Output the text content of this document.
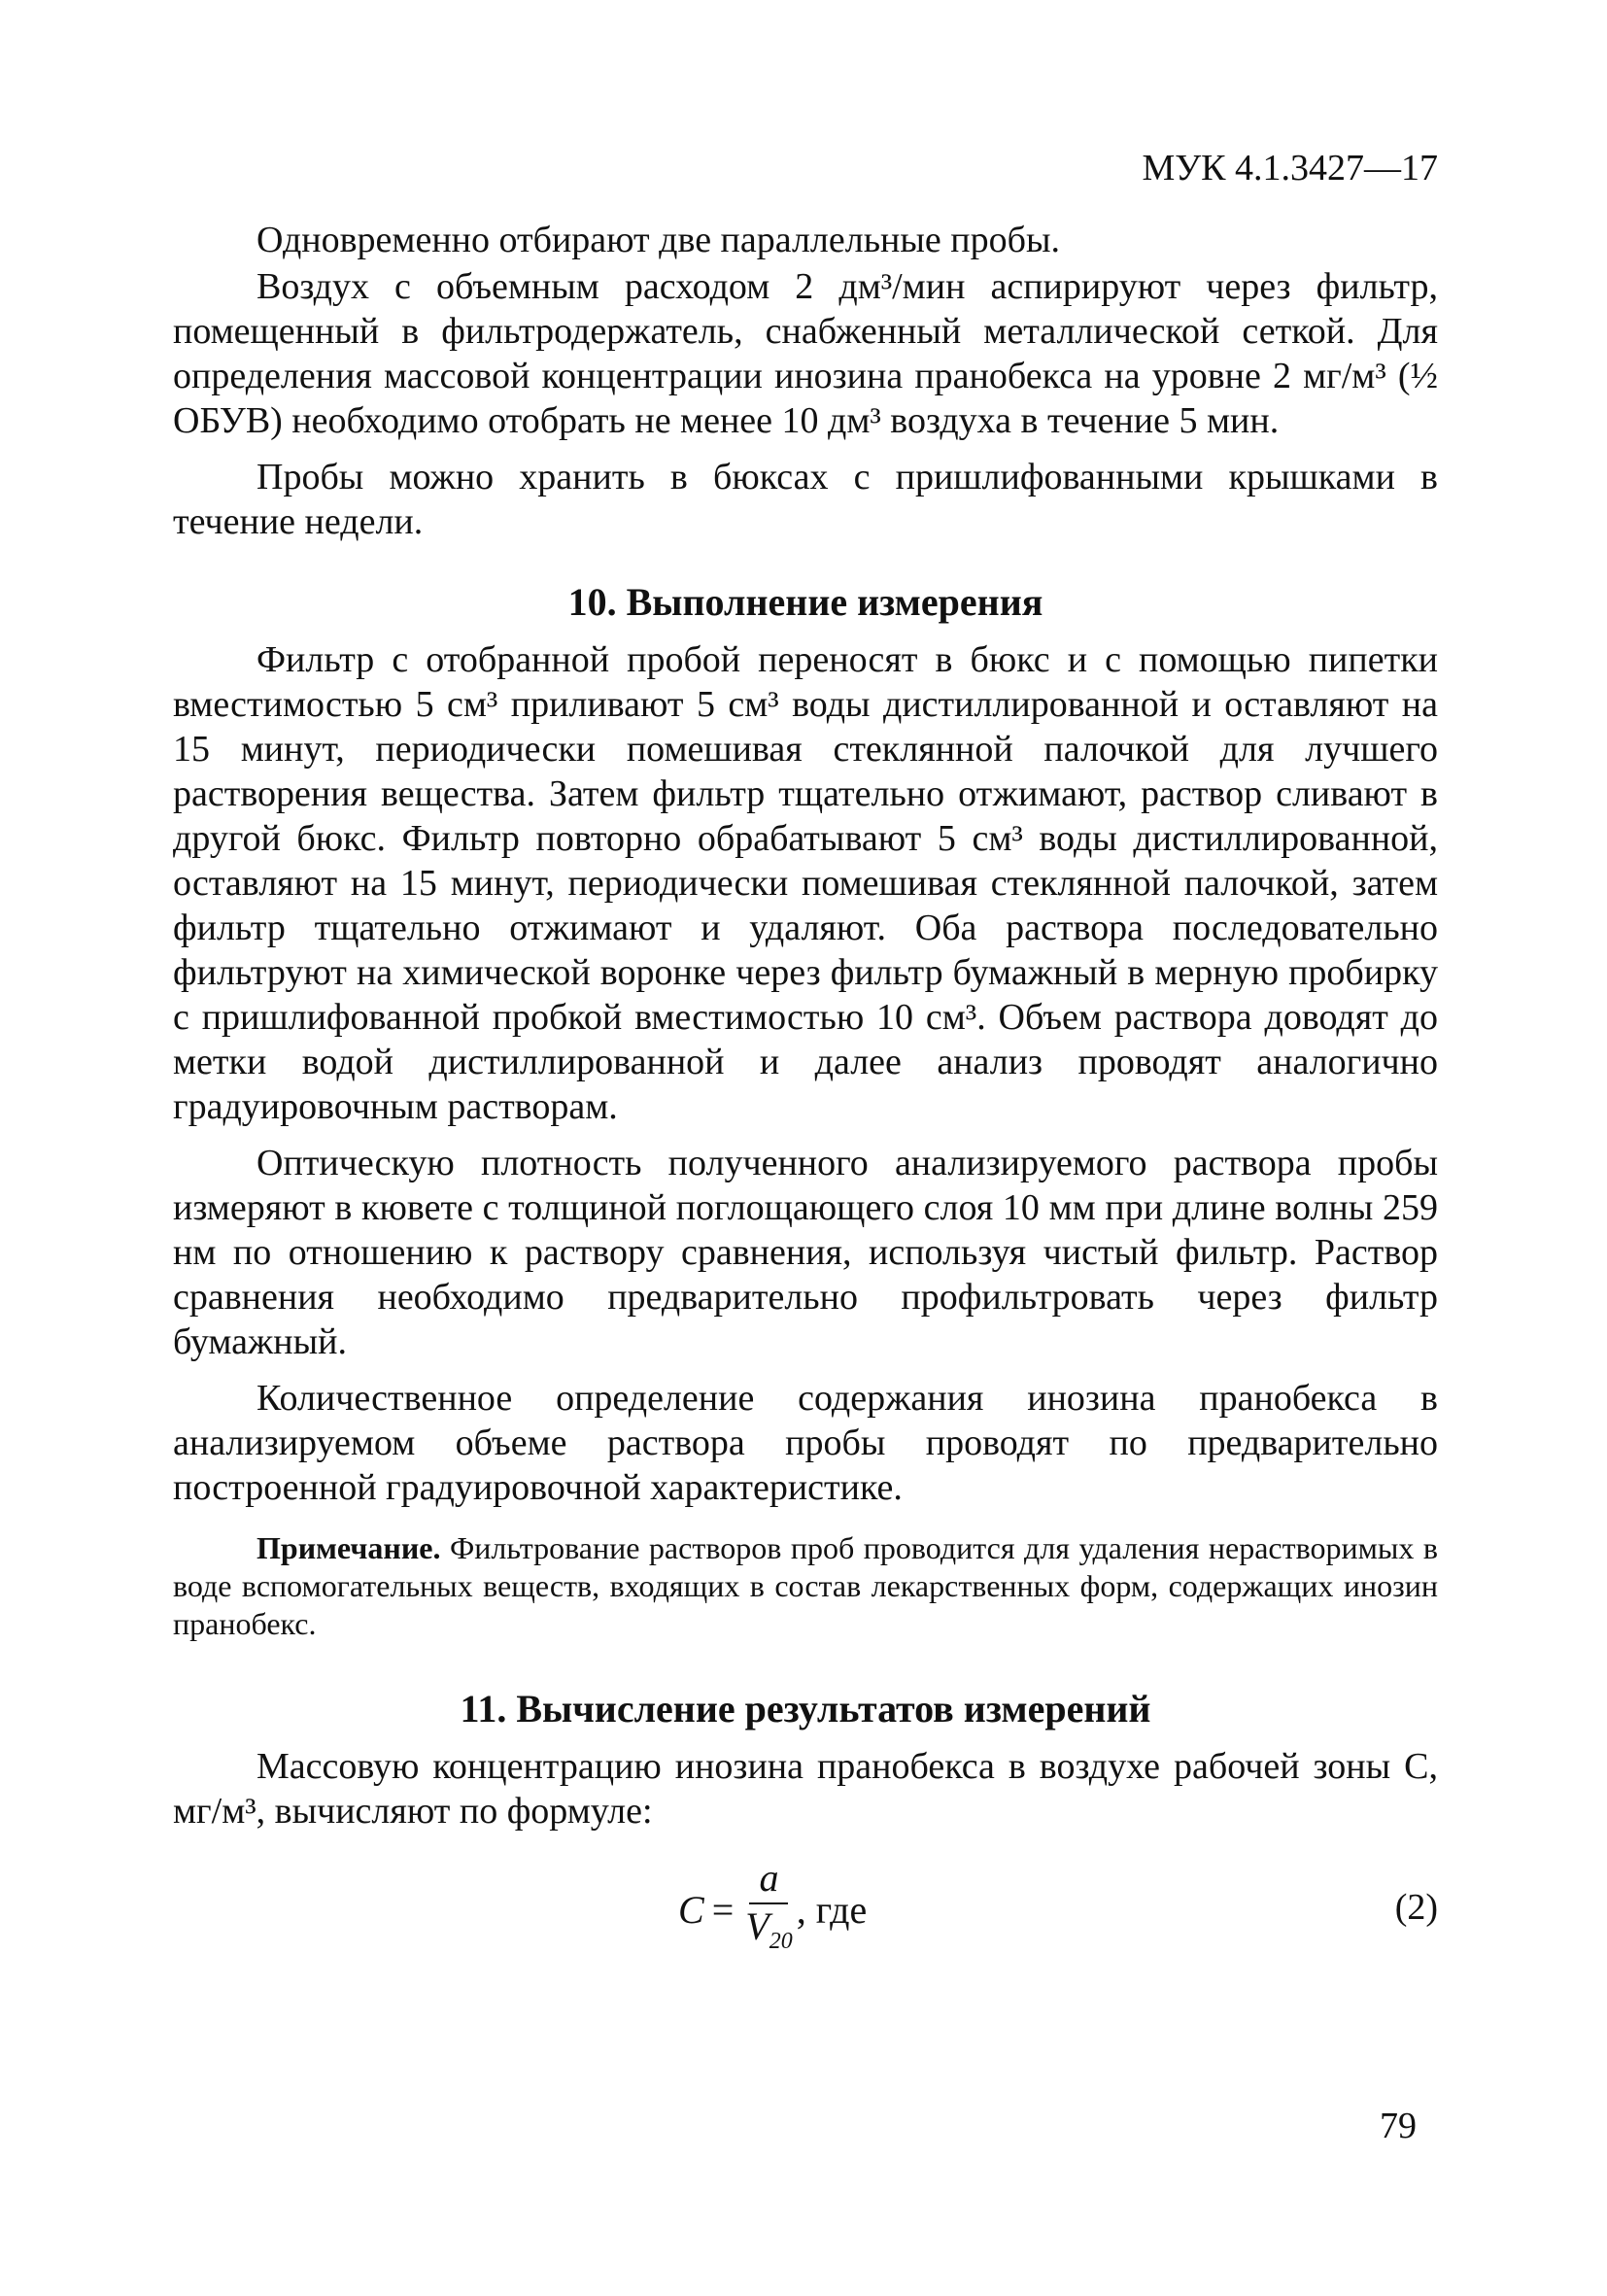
МУК 4.1.3427—17

Одновременно отбирают две параллельные пробы.

Воздух с объемным расходом 2 дм³/мин аспирируют через фильтр, помещенный в фильтродержатель, снабженный металлической сеткой. Для определения массовой концентрации инозина пранобекса на уровне 2 мг/м³ (½ ОБУВ) необходимо отобрать не менее 10 дм³ воздуха в течение 5 мин.

Пробы можно хранить в бюксах с пришлифованными крышками в течение недели.

10. Выполнение измерения

Фильтр с отобранной пробой переносят в бюкс и с помощью пипетки вместимостью 5 см³ приливают 5 см³ воды дистиллированной и оставляют на 15 минут, периодически помешивая стеклянной палочкой для лучшего растворения вещества. Затем фильтр тщательно отжимают, раствор сливают в другой бюкс. Фильтр повторно обрабатывают 5 см³ воды дистиллированной, оставляют на 15 минут, периодически помешивая стеклянной палочкой, затем фильтр тщательно отжимают и удаляют. Оба раствора последовательно фильтруют на химической воронке через фильтр бумажный в мерную пробирку с пришлифованной пробкой вместимостью 10 см³. Объем раствора доводят до метки водой дистиллированной и далее анализ проводят аналогично градуировочным растворам.

Оптическую плотность полученного анализируемого раствора пробы измеряют в кювете с толщиной поглощающего слоя 10 мм при длине волны 259 нм по отношению к раствору сравнения, используя чистый фильтр. Раствор сравнения необходимо предварительно профильтровать через фильтр бумажный.

Количественное определение содержания инозина пранобекса в анализируемом объеме раствора пробы проводят по предварительно построенной градуировочной характеристике.

Примечание. Фильтрование растворов проб проводится для удаления нерастворимых в воде вспомогательных веществ, входящих в состав лекарственных форм, содержащих инозин пранобекс.
11. Вычисление результатов измерений

Массовую концентрацию инозина пранобекса в воздухе рабочей зоны C, мг/м³, вычисляют по формуле:

$C = \frac{a}{V_{20}}$ , где	(2)
79
